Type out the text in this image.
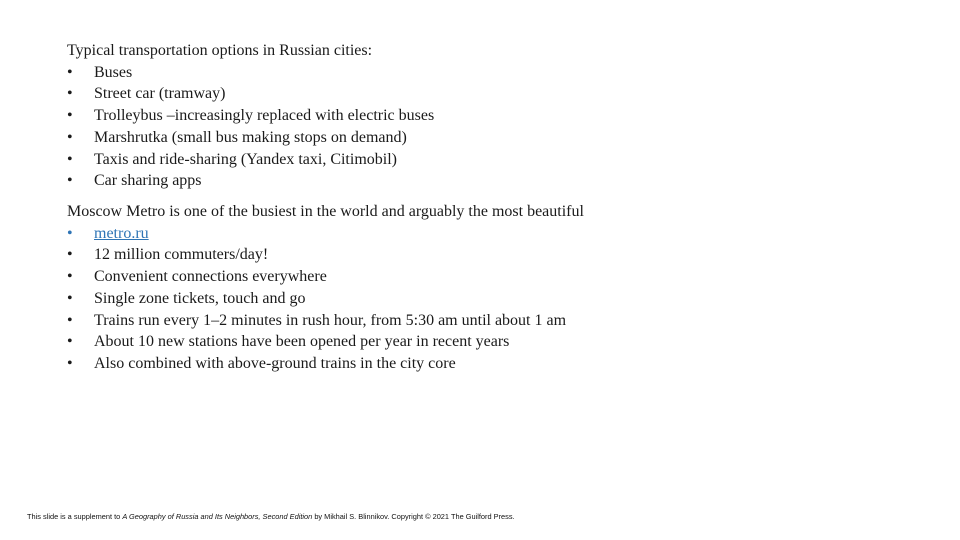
Typical transportation options in Russian cities:
•	Buses
•	Street car (tramway)
•	Trolleybus –increasingly replaced with electric buses
•	Marshrutka (small bus making stops on demand)
•	Taxis and ride-sharing (Yandex taxi, Citimobil)
•	Car sharing apps
Moscow Metro is one of the busiest in the world and arguably the most beautiful
•	metro.ru
•	12 million commuters/day!
•	Convenient connections everywhere
•	Single zone tickets, touch and go
•	Trains run every 1–2 minutes in rush hour, from 5:30 am until about 1 am
•	About 10 new stations have been opened per year in recent years
•	Also combined with above-ground trains in the city core
This slide is a supplement to A Geography of Russia and Its Neighbors, Second Edition by Mikhail S. Blinnikov. Copyright © 2021 The Guilford Press.
